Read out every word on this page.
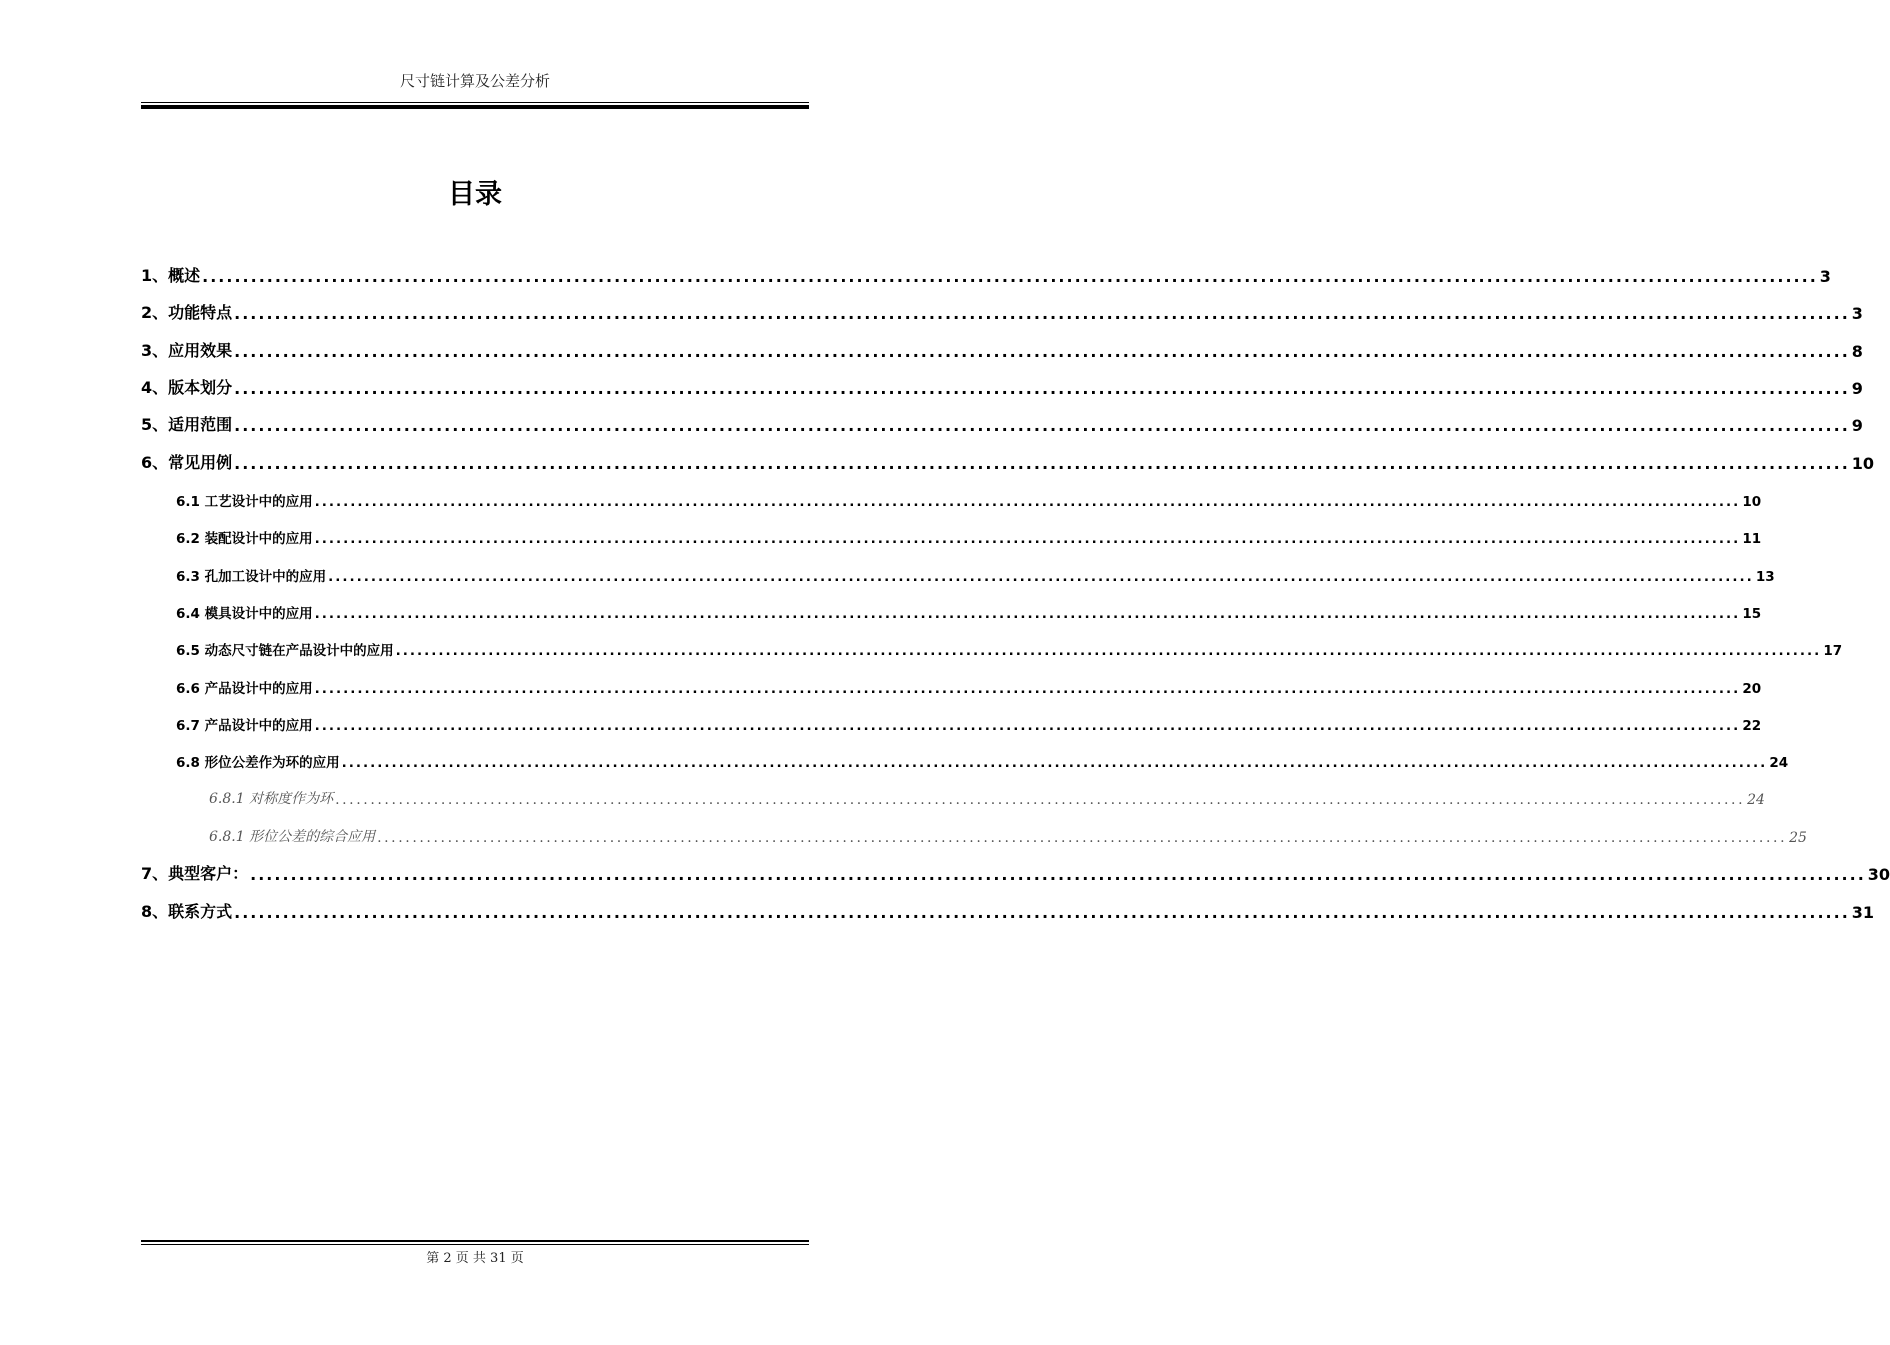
尺寸链计算及公差分析
目录
1、概述 ........................................................................................................................................................................................................ 3
2、功能特点 ........................................................................................................................................................................................................ 3
3、应用效果 ........................................................................................................................................................................................................ 8
4、版本划分 ........................................................................................................................................................................................................ 9
5、适用范围 ........................................................................................................................................................................................................ 9
6、常见用例 ........................................................................................................................................................................................................ 10
6.1 工艺设计中的应用 ........................................................................................................................................................................................................ 10
6.2 装配设计中的应用 ........................................................................................................................................................................................................ 11
6.3 孔加工设计中的应用 ........................................................................................................................................................................................................ 13
6.4 模具设计中的应用 ........................................................................................................................................................................................................ 15
6.5 动态尺寸链在产品设计中的应用 ........................................................................................................................................................................................................ 17
6.6 产品设计中的应用 ........................................................................................................................................................................................................ 20
6.7 产品设计中的应用 ........................................................................................................................................................................................................ 22
6.8 形位公差作为环的应用 ........................................................................................................................................................................................................ 24
6.8.1 对称度作为环 ........................................................................................................................................................................................................ 24
6.8.1 形位公差的综合应用 ........................................................................................................................................................................................................ 25
7、典型客户： ........................................................................................................................................................................................................ 30
8、联系方式 ........................................................................................................................................................................................................ 31
第 2 页 共 31 页
